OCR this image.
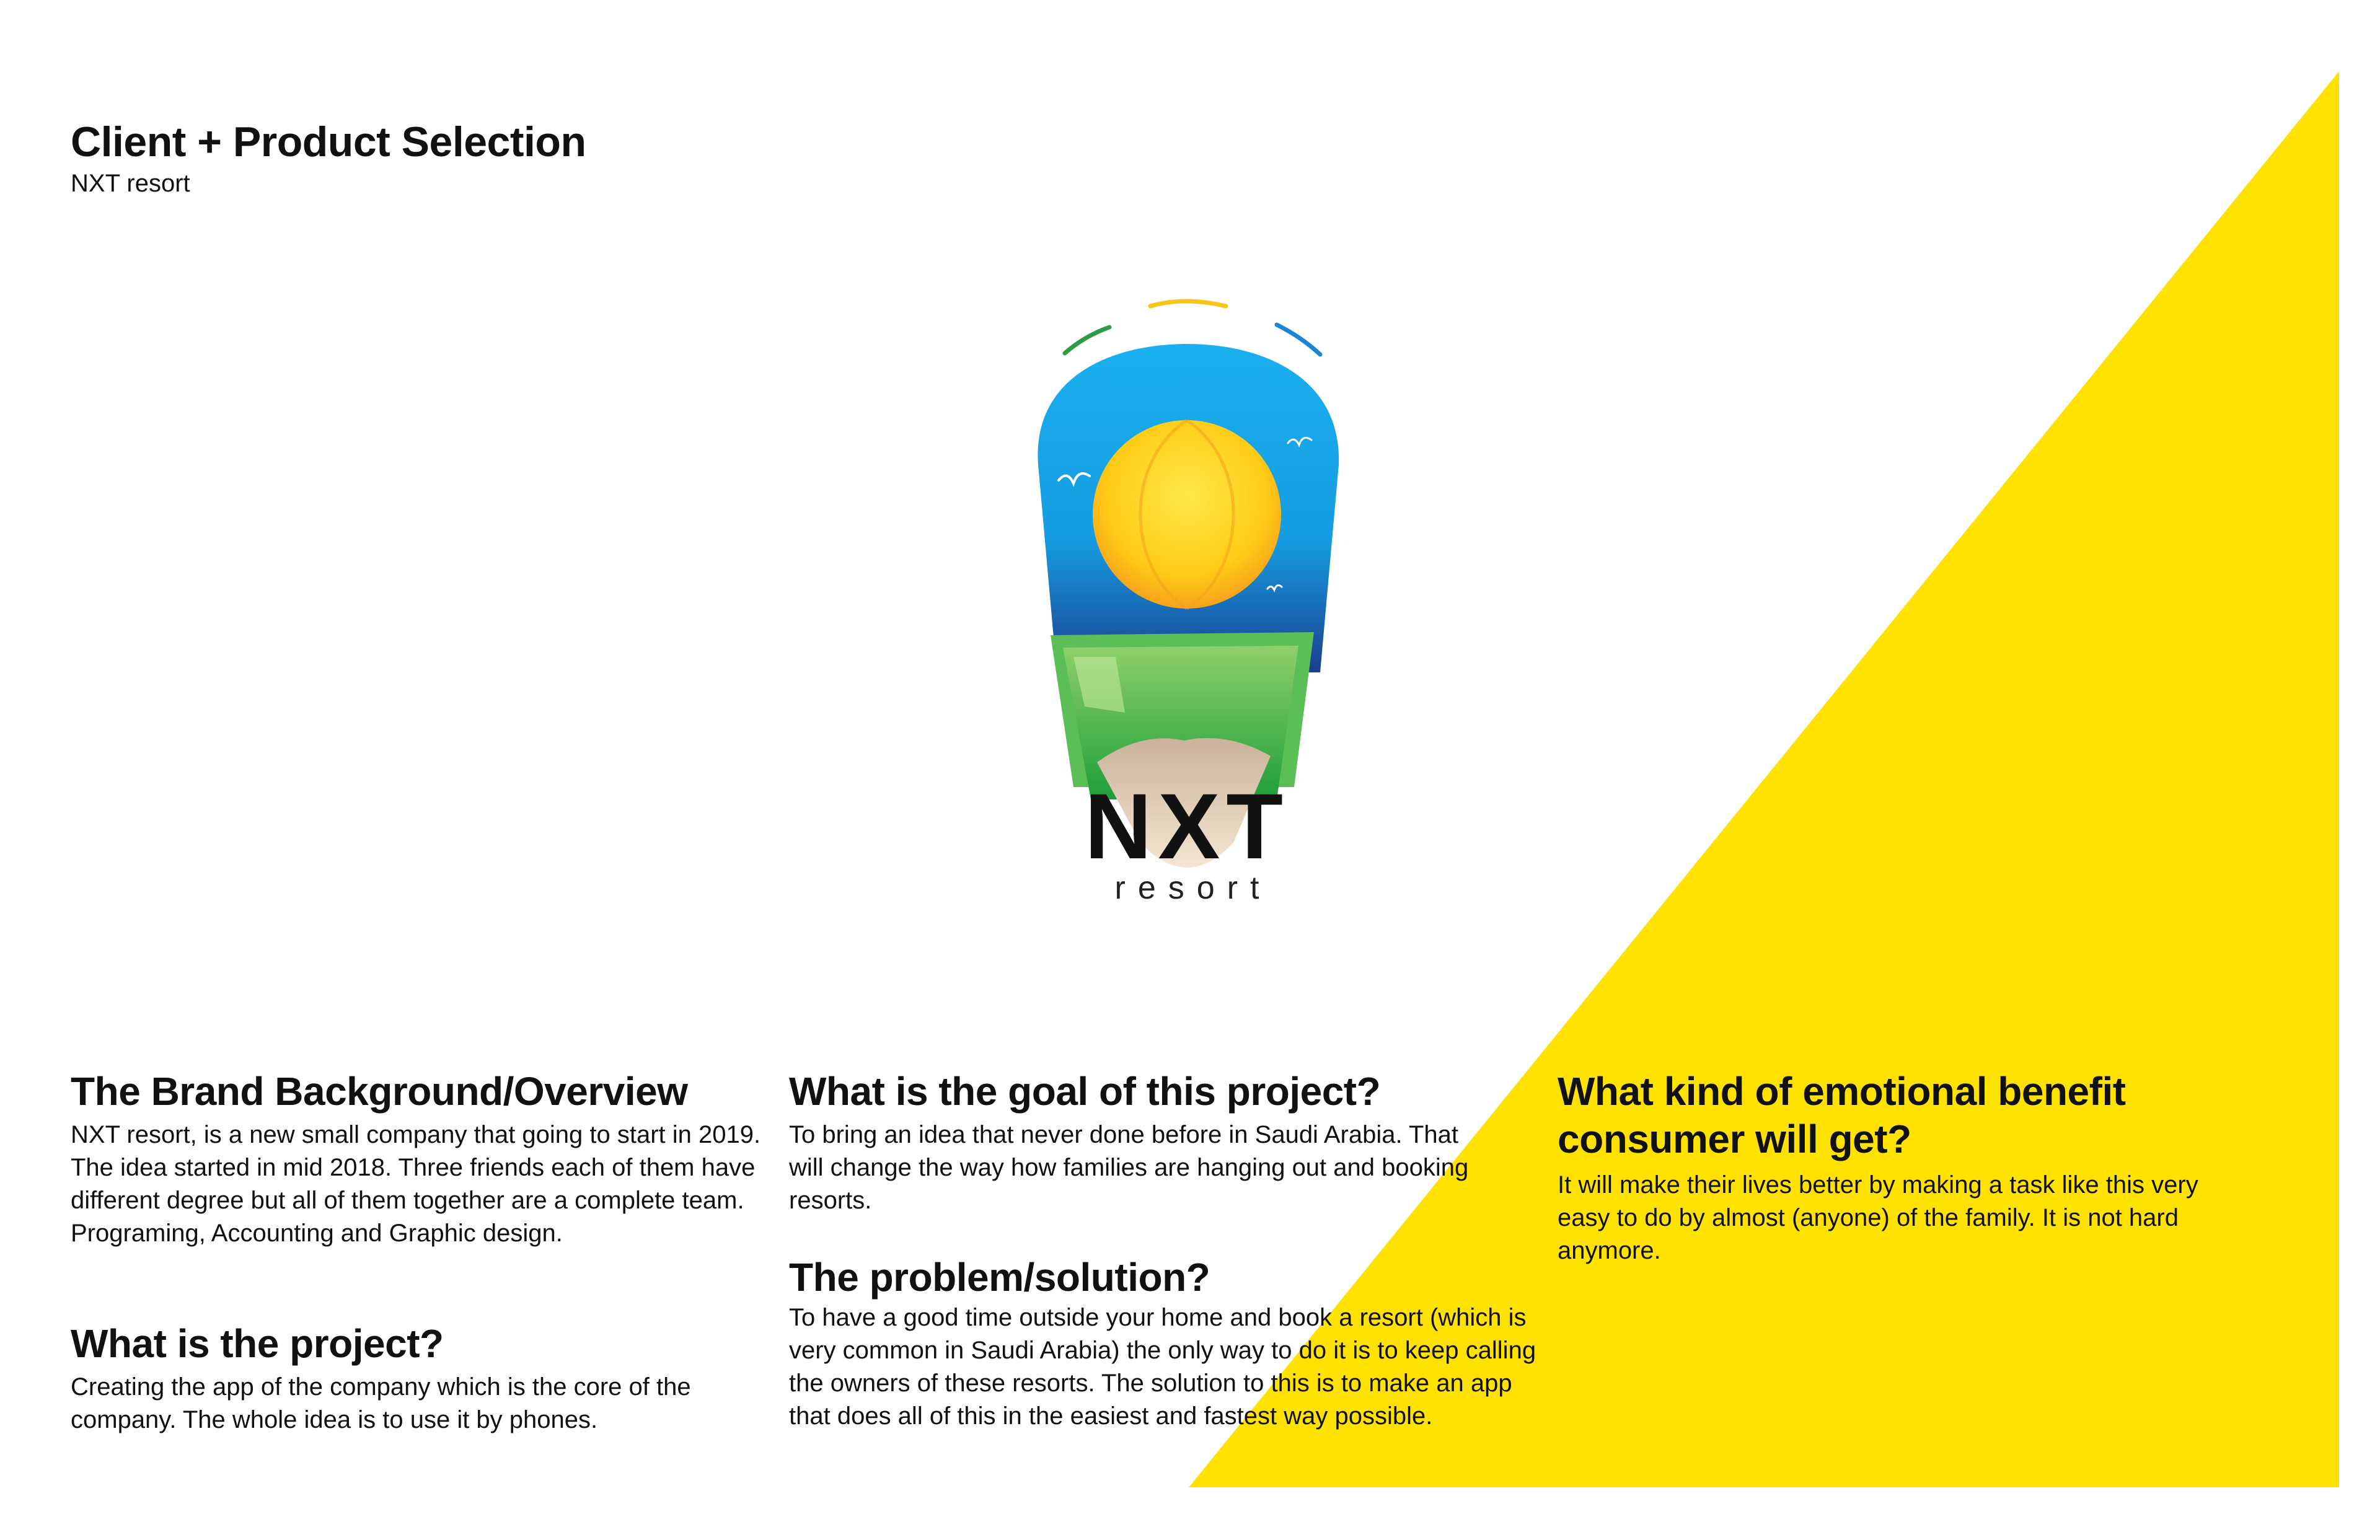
Client + Product Selection

NXT resort

NXT
resort
The Brand Background/Overview

NXT resort, is a new small company that going to start in 2019. The idea started in mid 2018. Three friends each of them have different degree but all of them together are a complete team. Programing, Accounting and Graphic design.

What is the project?

Creating the app of the company which is the core of the company. The whole idea is to use it by phones.

What is the goal of this project?

To bring an idea that never done before in Saudi Arabia. That will change the way how families are hanging out and booking resorts.

The problem/solution?

To have a good time outside your home and book a resort (which is very common in Saudi Arabia) the only way to do it is to keep calling the owners of these resorts. The solution to this is to make an app that does all of this in the easiest and fastest way possible.

What kind of emotional benefit consumer will get?

It will make their lives better by making a task like this very easy to do by almost (anyone) of the family. It is not hard anymore.
